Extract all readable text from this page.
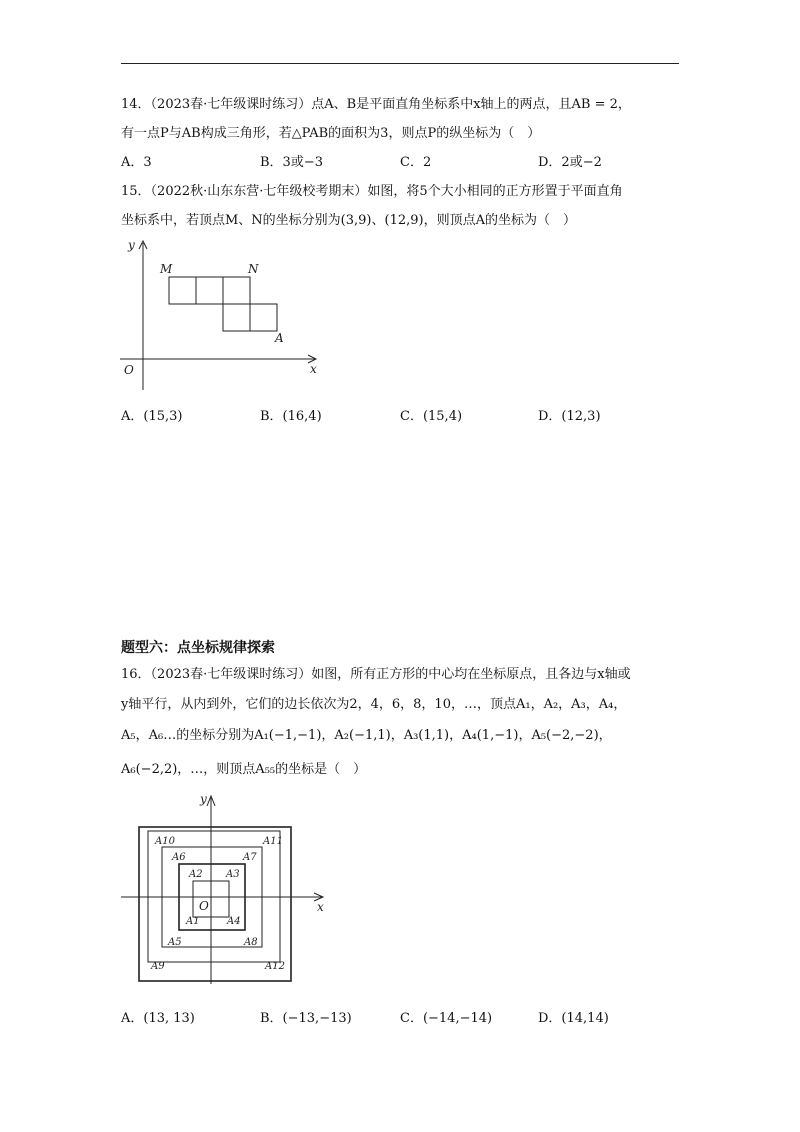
14．（2023春·七年级课时练习）点A、B是平面直角坐标系中x轴上的两点，且AB = 2，
有一点P与AB构成三角形，若△PAB的面积为3，则点P的纵坐标为（　）
A．3	B．3或−3	C．2	D．2或−2
15．（2022秋·山东东营·七年级校考期末）如图，将5个大小相同的正方形置于平面直角
坐标系中，若顶点M、N的坐标分别为(3,9)、(12,9)，则顶点A的坐标为（　）
y
x
O
M	N
A
A．(15,3)	B．(16,4)	C．(15,4)	D．(12,3)
题型六：点坐标规律探索
16．（2023春·七年级课时练习）如图，所有正方形的中心均在坐标原点，且各边与x轴或
y轴平行，从内到外，它们的边长依次为2，4，6，8，10，…，顶点A₁，A₂，A₃，A₄，
A₅，A₆…的坐标分别为A₁(−1,−1)，A₂(−1,1)，A₃(1,1)，A₄(1,−1)，A₅(−2,−2)，
A₆(−2,2)，…，则顶点A₅₅的坐标是（　）
y
x
O
A1
A2 A3
A4
A5
A6	A7
A8
A9
A10	A11
A12
A．(13, 13)	B．(−13,−13)	C．(−14,−14)	D．(14,14)
